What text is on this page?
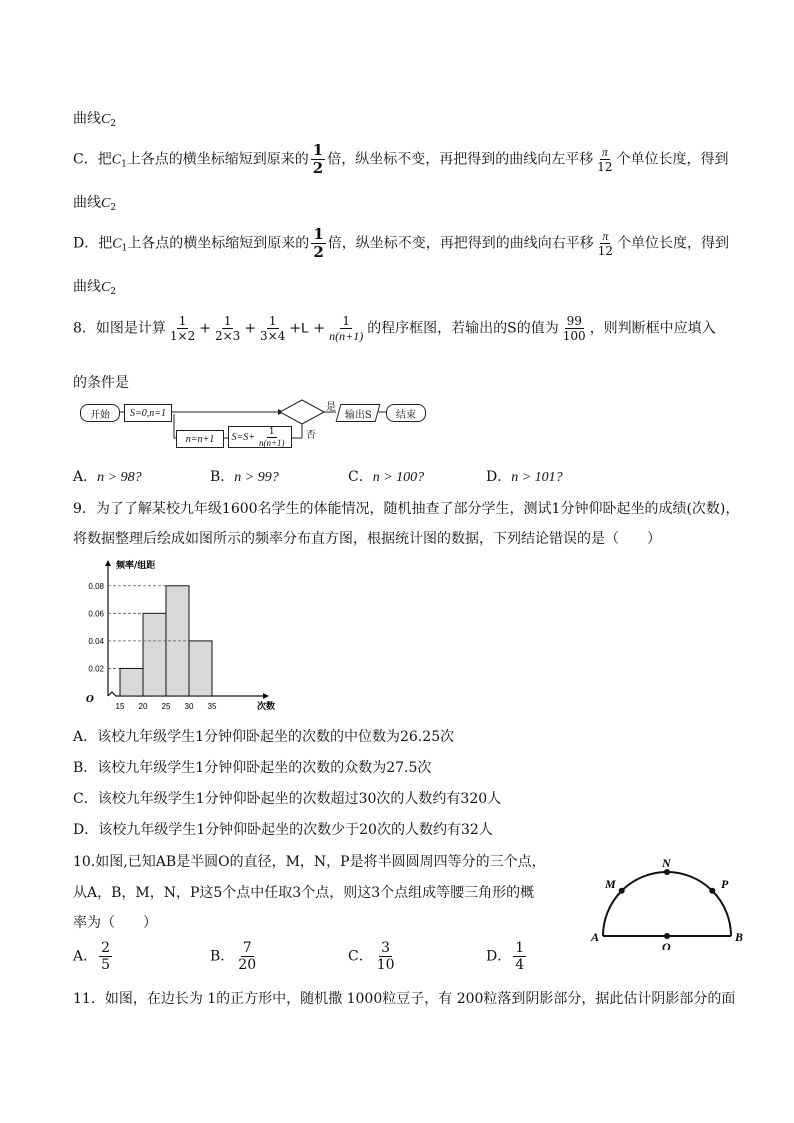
曲线$C_2$
C．把$C_1$上各点的横坐标缩短到原来的 $\frac{1}{2}$ 倍，纵坐标不变，再把得到的曲线向左平移 $\frac{\pi}{12}$ 个单位长度，得到
曲线$C_2$
D．把$C_1$上各点的横坐标缩短到原来的 $\frac{1}{2}$ 倍，纵坐标不变，再把得到的曲线向右平移 $\frac{\pi}{12}$ 个单位长度，得到
曲线$C_2$
8．如图是计算 $\frac{1}{1\times 2} + \frac{1}{2\times 3} + \frac{1}{3\times 4} +L + \frac{1}{n(n+1)}$ 的程序框图，若输出的S的值为 $\frac{99}{100}$ ，则判断框中应填入
的条件是
开始	S=0,n=1	是
否
输出S	结束
n=n+1	$S=S+ \frac{1}{n(n+1)}$
A．n > 98?	B．n > 99?	C．n > 100?	D．n > 101?
9．为了了解某校九年级1600名学生的体能情况，随机抽查了部分学生，测试1分钟仰卧起坐的成绩(次数)，
将数据整理后绘成如图所示的频率分布直方图，根据统计图的数据，下列结论错误的是（　　）
0.02
0.04
0.06
0.08
15 20 25 30 35	次数
频率/组距
O
A．该校九年级学生1分钟仰卧起坐的次数的中位数为26.25次
B．该校九年级学生1分钟仰卧起坐的次数的众数为27.5次
C．该校九年级学生1分钟仰卧起坐的次数超过30次的人数约有320人
D．该校九年级学生1分钟仰卧起坐的次数少于20次的人数约有32人
10.如图,已知AB是半圆O的直径，M，N，P是将半圆圆周四等分的三个点，
从A，B，M，N，P这5个点中任取3个点，则这3个点组成等腰三角形的概
率为（　　）
A	B
O
N
M	P
A． $\frac{2}{5}$	B． $\frac{7}{20}$	C． $\frac{3}{10}$	D． $\frac{1}{4}$
11．如图，在边长为 1的正方形中，随机撒 1000粒豆子，有 200粒落到阴影部分，据此估计阴影部分的面
